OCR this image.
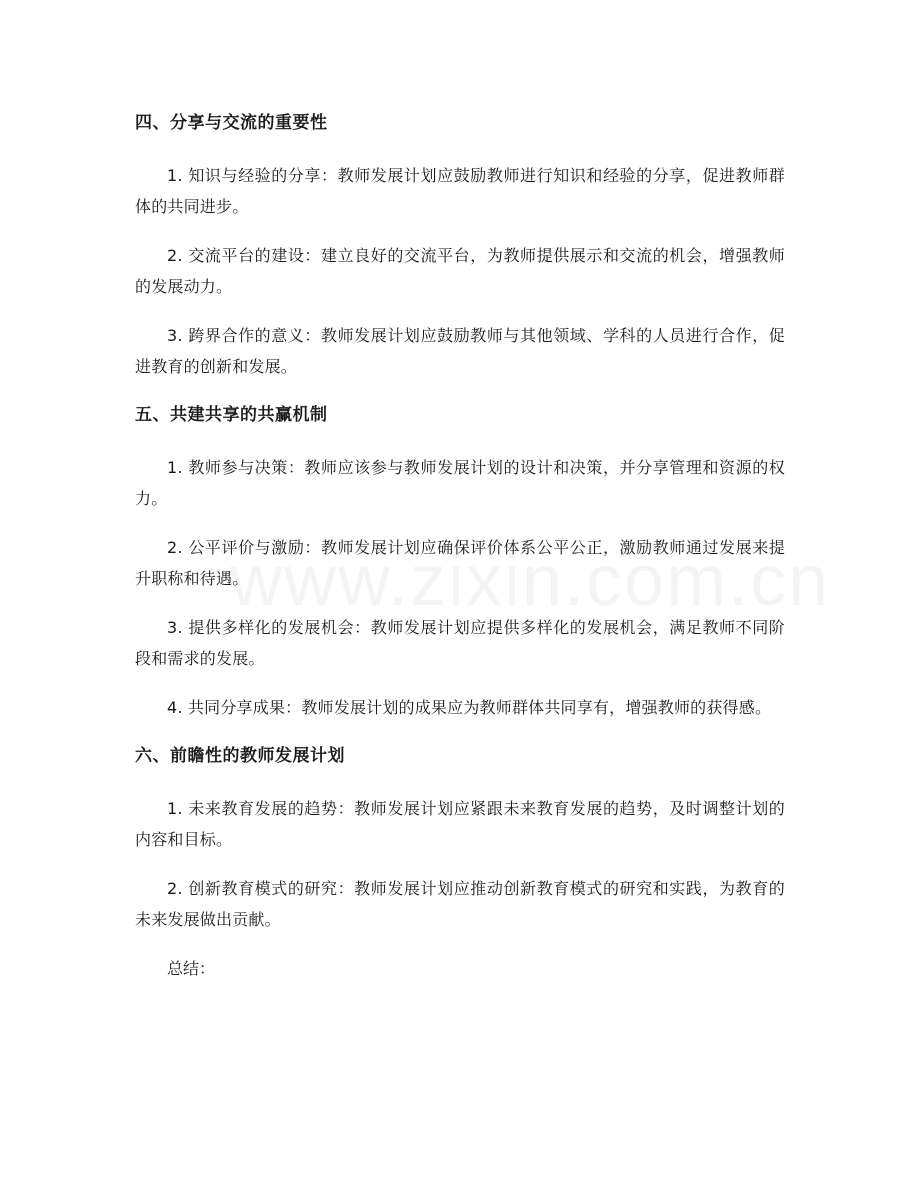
四、分享与交流的重要性

1. 知识与经验的分享：教师发展计划应鼓励教师进行知识和经验的分享，促进教师群体的共同进步。

2. 交流平台的建设：建立良好的交流平台，为教师提供展示和交流的机会，增强教师的发展动力。

3. 跨界合作的意义：教师发展计划应鼓励教师与其他领域、学科的人员进行合作，促进教育的创新和发展。

五、共建共享的共赢机制

1. 教师参与决策：教师应该参与教师发展计划的设计和决策，并分享管理和资源的权力。

2. 公平评价与激励：教师发展计划应确保评价体系公平公正，激励教师通过发展来提升职称和待遇。

3. 提供多样化的发展机会：教师发展计划应提供多样化的发展机会，满足教师不同阶段和需求的发展。

4. 共同分享成果：教师发展计划的成果应为教师群体共同享有，增强教师的获得感。

六、前瞻性的教师发展计划

1. 未来教育发展的趋势：教师发展计划应紧跟未来教育发展的趋势，及时调整计划的内容和目标。

2. 创新教育模式的研究：教师发展计划应推动创新教育模式的研究和实践，为教育的未来发展做出贡献。

总结：
